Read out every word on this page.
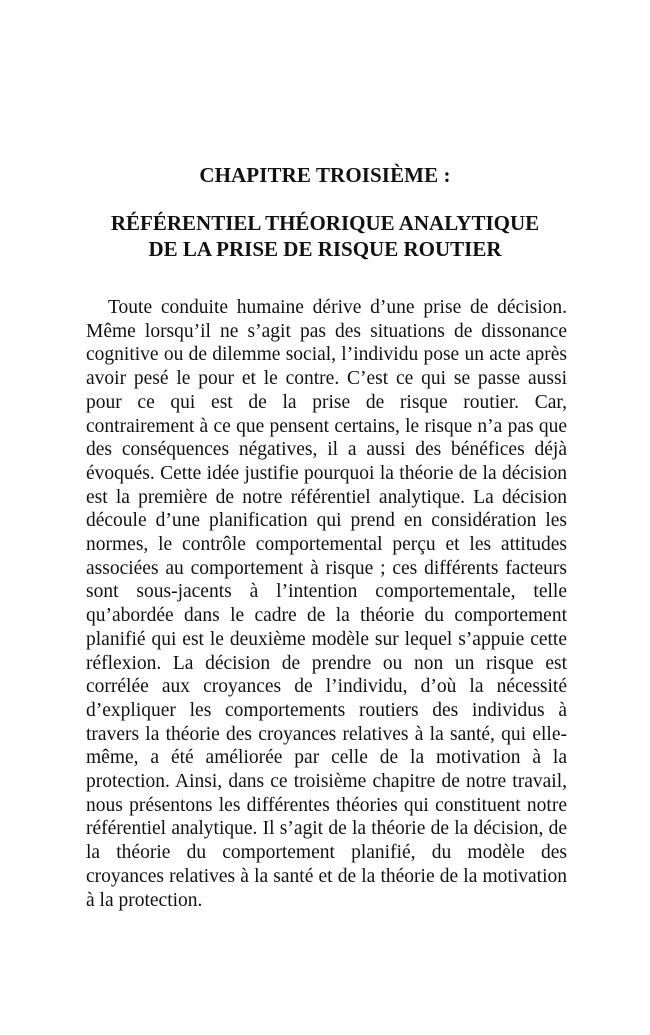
CHAPITRE TROISIÈME :
RÉFÉRENTIEL THÉORIQUE ANALYTIQUE
DE LA PRISE DE RISQUE ROUTIER

Toute conduite humaine dérive d’une prise de décision. Même lorsqu’il ne s’agit pas des situations de dissonance cognitive ou de dilemme social, l’individu pose un acte après avoir pesé le pour et le contre. C’est ce qui se passe aussi pour ce qui est de la prise de risque routier. Car, contrairement à ce que pensent certains, le risque n’a pas que des conséquences négatives, il a aussi des bénéfices déjà évoqués. Cette idée justifie pourquoi la théorie de la décision est la première de notre référentiel analytique. La décision découle d’une planification qui prend en considération les normes, le contrôle comportemental perçu et les attitudes associées au comportement à risque ; ces différents facteurs sont sous-jacents à l’intention comportementale, telle qu’abordée dans le cadre de la théorie du comportement planifié qui est le deuxième modèle sur lequel s’appuie cette réflexion. La décision de prendre ou non un risque est corrélée aux croyances de l’individu, d’où la nécessité d’expliquer les comportements routiers des individus à travers la théorie des croyances relatives à la santé, qui elle-même, a été améliorée par celle de la motivation à la protection. Ainsi, dans ce troisième chapitre de notre travail, nous présentons les différentes théories qui constituent notre référentiel analytique. Il s’agit de la théorie de la décision, de la théorie du comportement planifié, du modèle des croyances relatives à la santé et de la théorie de la motivation à la protection.
